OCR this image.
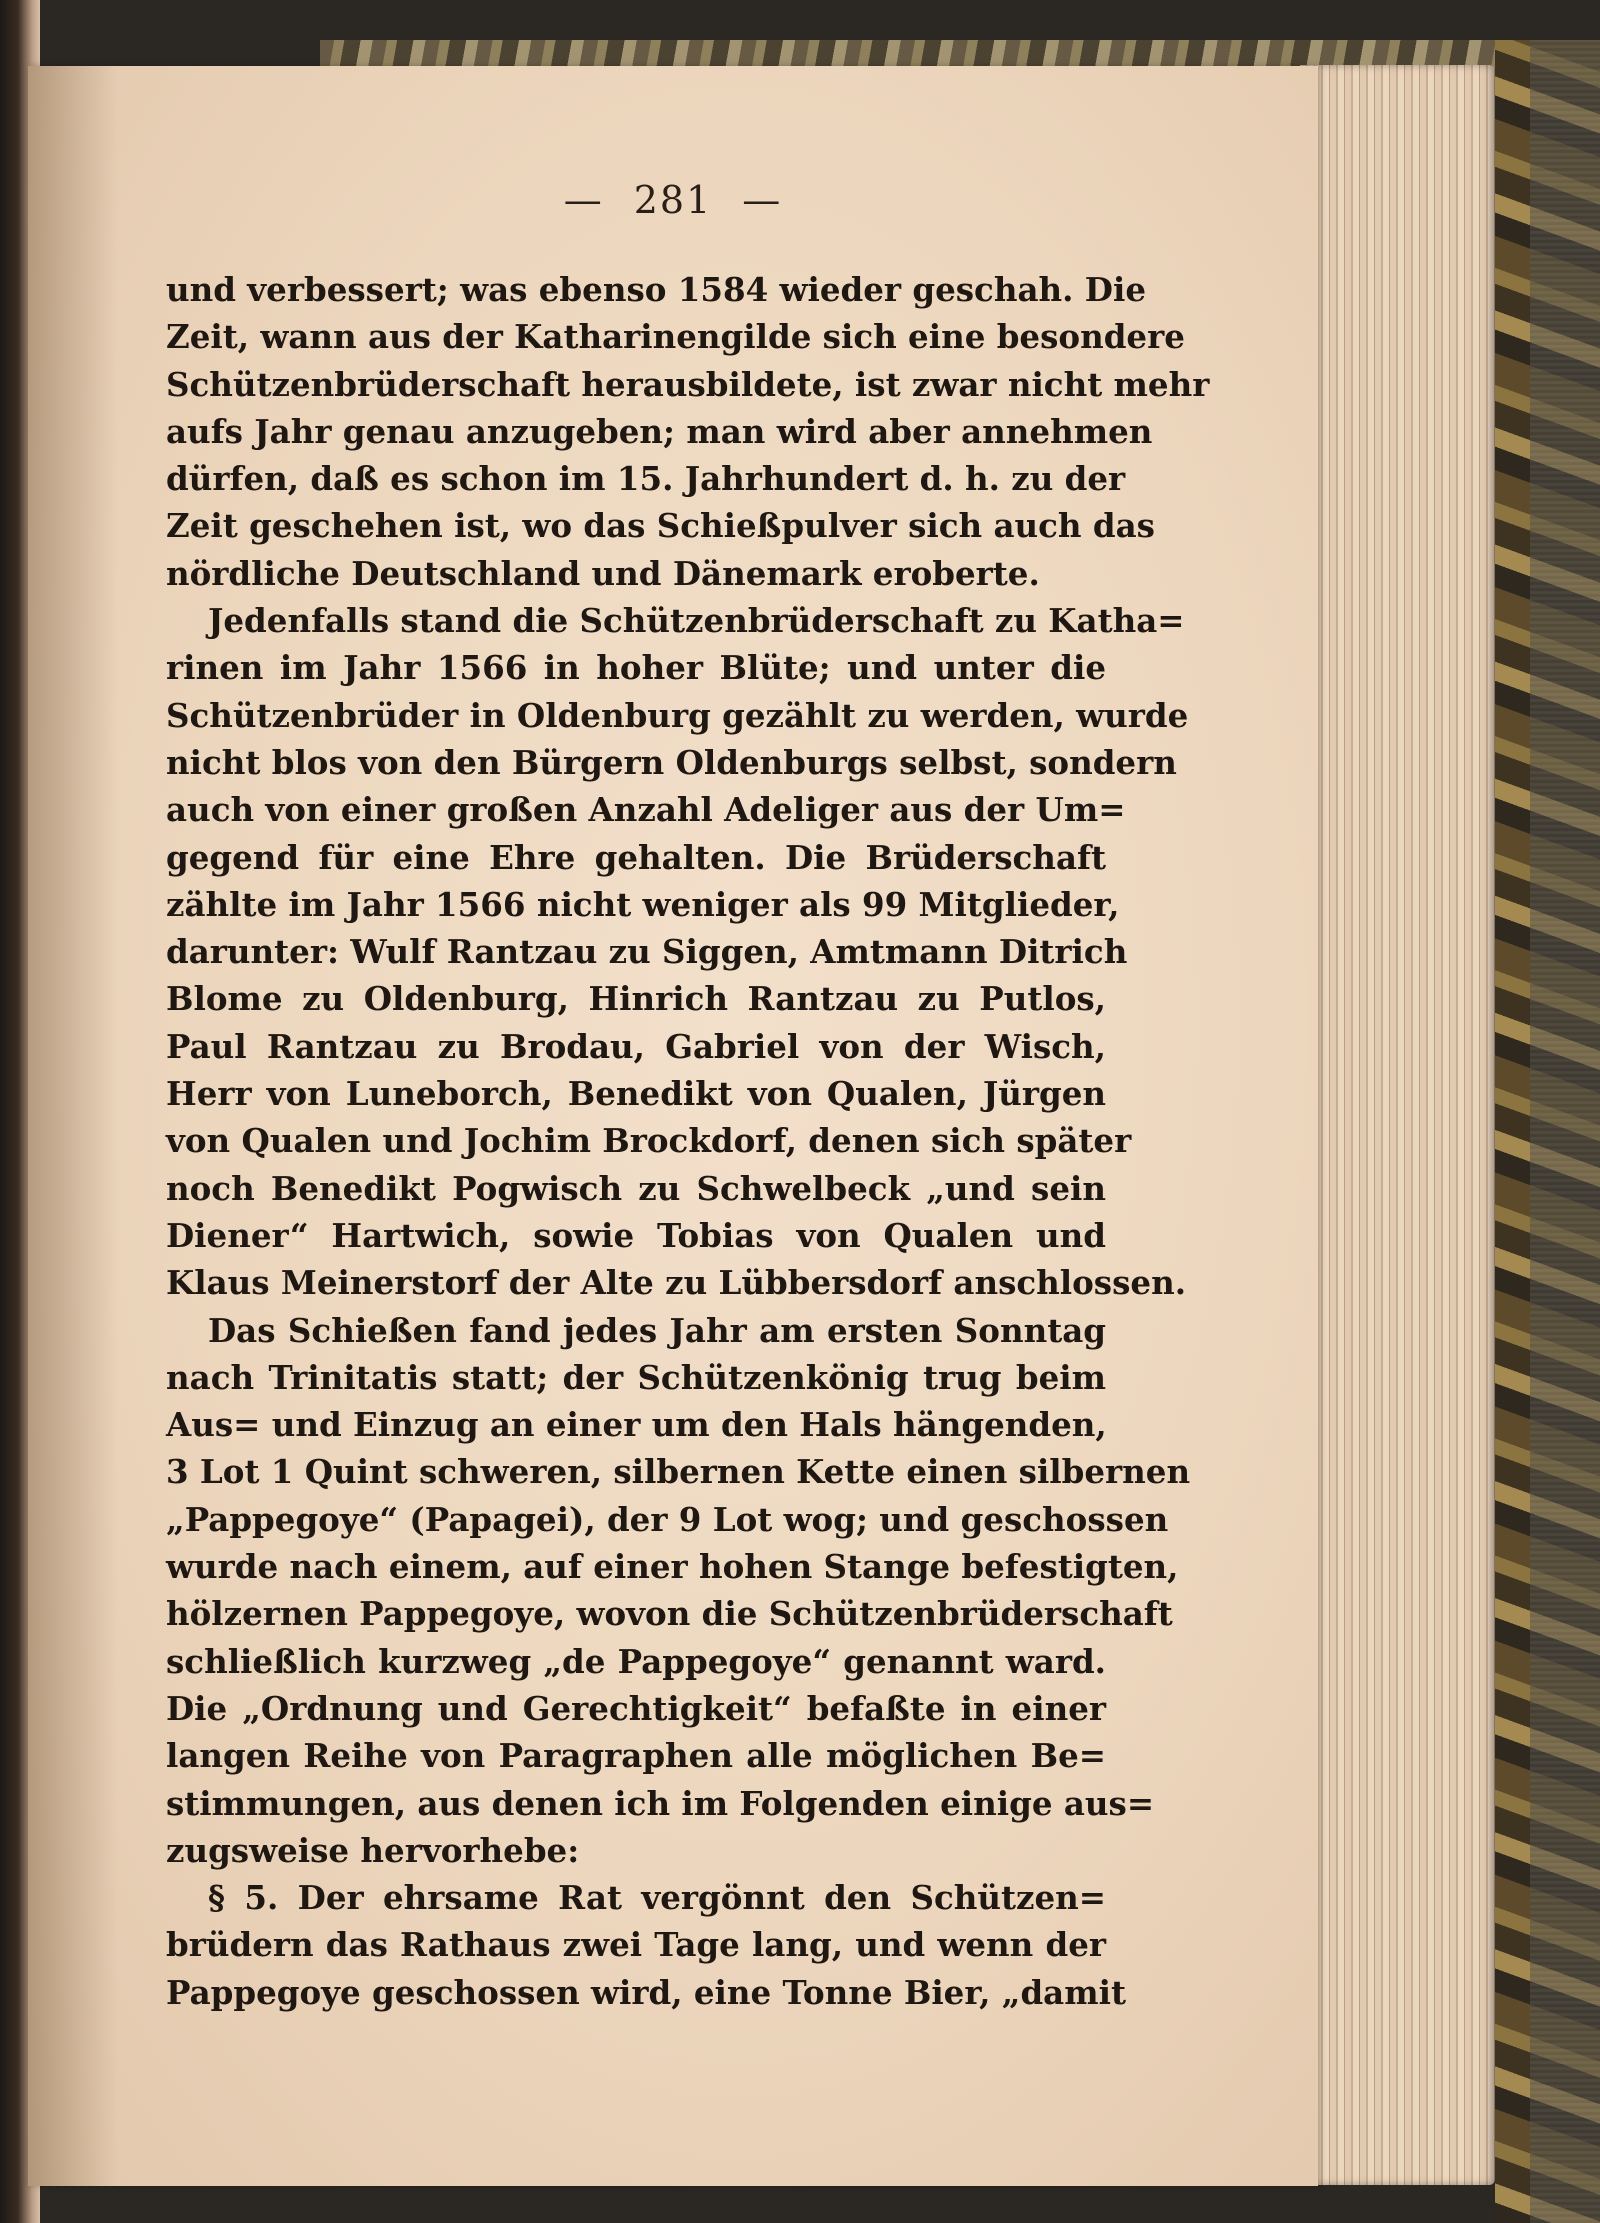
— 281 —
und verbessert; was ebenso 1584 wieder geschah. Die
Zeit, wann aus der Katharinengilde sich eine besondere
Schützenbrüderschaft herausbildete, ist zwar nicht mehr
aufs Jahr genau anzugeben; man wird aber annehmen
dürfen, daß es schon im 15. Jahrhundert d. h. zu der
Zeit geschehen ist, wo das Schießpulver sich auch das
nördliche Deutschland und Dänemark eroberte.
Jedenfalls stand die Schützenbrüderschaft zu Katha=
rinen im Jahr 1566 in hoher Blüte; und unter die
Schützenbrüder in Oldenburg gezählt zu werden, wurde
nicht blos von den Bürgern Oldenburgs selbst, sondern
auch von einer großen Anzahl Adeliger aus der Um=
gegend für eine Ehre gehalten. Die Brüderschaft
zählte im Jahr 1566 nicht weniger als 99 Mitglieder,
darunter: Wulf Rantzau zu Siggen, Amtmann Ditrich
Blome zu Oldenburg, Hinrich Rantzau zu Putlos,
Paul Rantzau zu Brodau, Gabriel von der Wisch,
Herr von Luneborch, Benedikt von Qualen, Jürgen
von Qualen und Jochim Brockdorf, denen sich später
noch Benedikt Pogwisch zu Schwelbeck „und sein
Diener“ Hartwich, sowie Tobias von Qualen und
Klaus Meinerstorf der Alte zu Lübbersdorf anschlossen.
Das Schießen fand jedes Jahr am ersten Sonntag
nach Trinitatis statt; der Schützenkönig trug beim
Aus= und Einzug an einer um den Hals hängenden,
3 Lot 1 Quint schweren, silbernen Kette einen silbernen
„Pappegoye“ (Papagei), der 9 Lot wog; und geschossen
wurde nach einem, auf einer hohen Stange befestigten,
hölzernen Pappegoye, wovon die Schützenbrüderschaft
schließlich kurzweg „de Pappegoye“ genannt ward.
Die „Ordnung und Gerechtigkeit“ befaßte in einer
langen Reihe von Paragraphen alle möglichen Be=
stimmungen, aus denen ich im Folgenden einige aus=
zugsweise hervorhebe:
§ 5. Der ehrsame Rat vergönnt den Schützen=
brüdern das Rathaus zwei Tage lang, und wenn der
Pappegoye geschossen wird, eine Tonne Bier, „damit
